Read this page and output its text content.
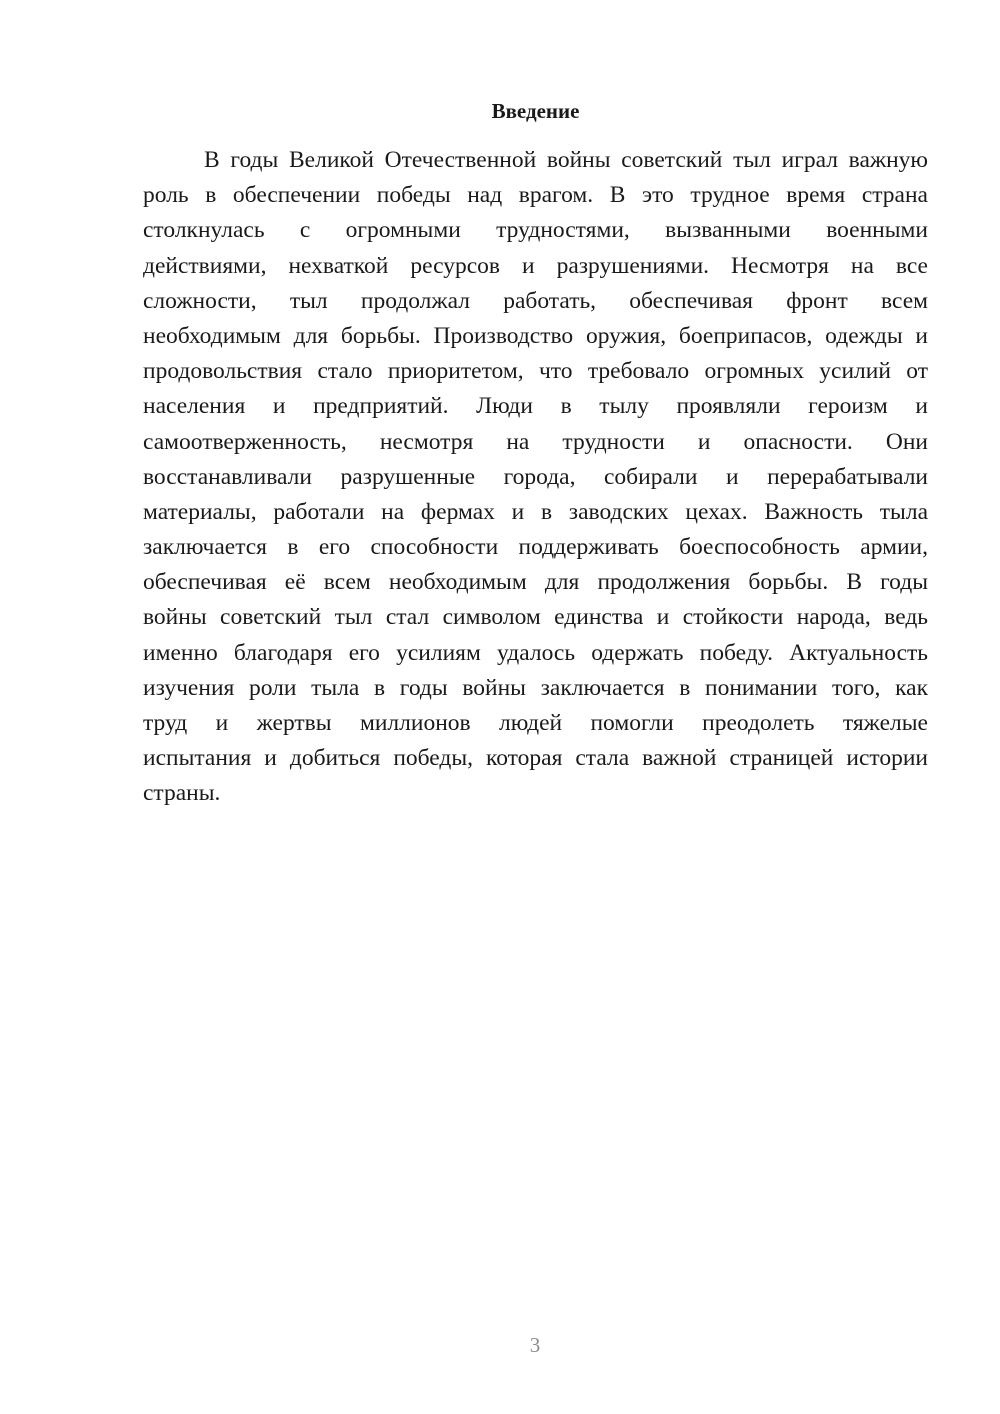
Введение
В годы Великой Отечественной войны советский тыл играл важную
роль в обеспечении победы над врагом. В это трудное время страна
столкнулась с огромными трудностями, вызванными военными
действиями, нехваткой ресурсов и разрушениями. Несмотря на все
сложности, тыл продолжал работать, обеспечивая фронт всем
необходимым для борьбы. Производство оружия, боеприпасов, одежды и
продовольствия стало приоритетом, что требовало огромных усилий от
населения и предприятий. Люди в тылу проявляли героизм и
самоотверженность, несмотря на трудности и опасности. Они
восстанавливали разрушенные города, собирали и перерабатывали
материалы, работали на фермах и в заводских цехах. Важность тыла
заключается в его способности поддерживать боеспособность армии,
обеспечивая её всем необходимым для продолжения борьбы. В годы
войны советский тыл стал символом единства и стойкости народа, ведь
именно благодаря его усилиям удалось одержать победу. Актуальность
изучения роли тыла в годы войны заключается в понимании того, как
труд и жертвы миллионов людей помогли преодолеть тяжелые
испытания и добиться победы, которая стала важной страницей истории
страны.

3
